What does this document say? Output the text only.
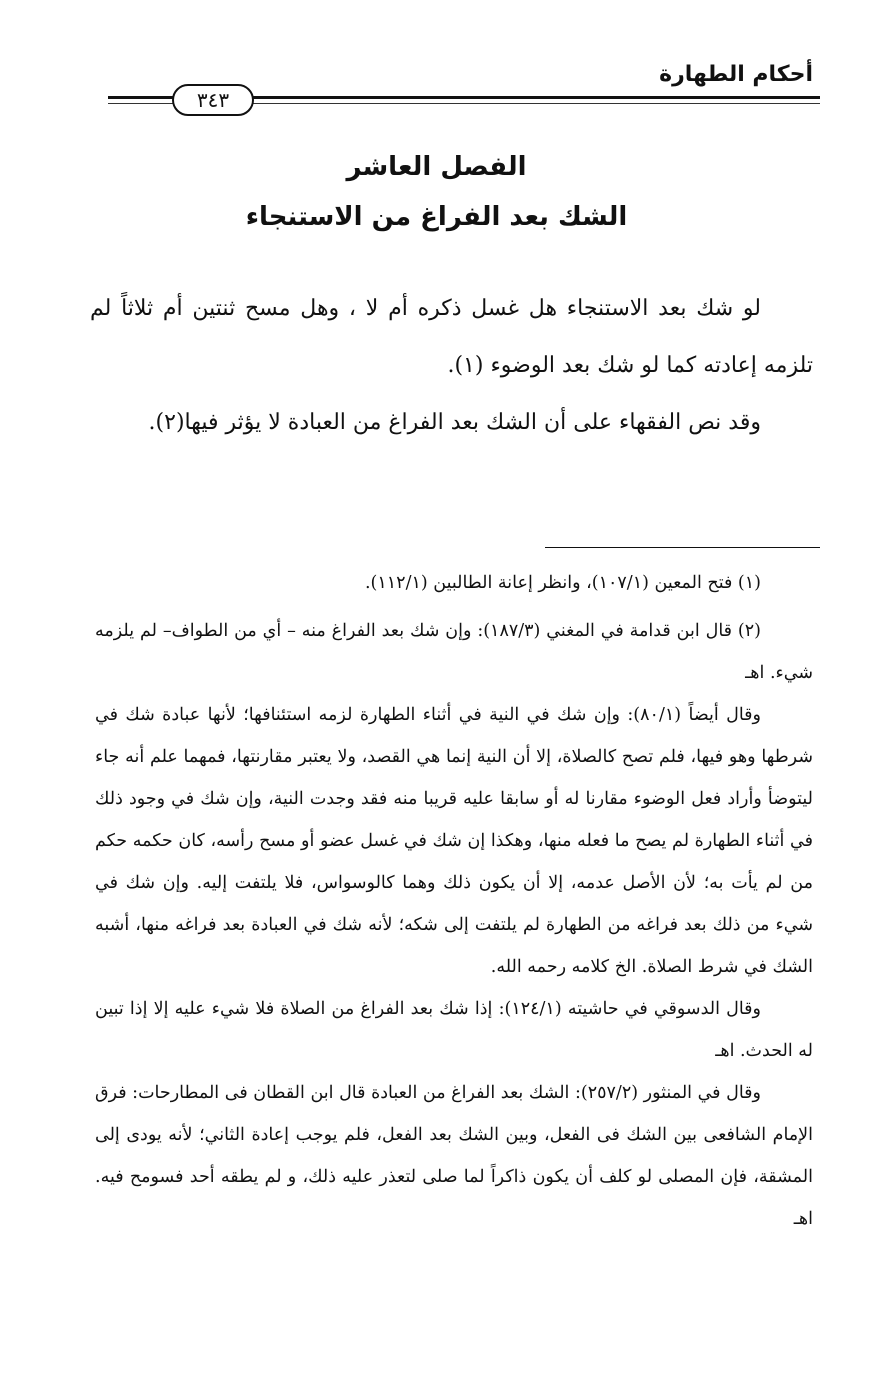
أحكام الطهارة
٣٤٣
الفصل العاشر
الشك بعد الفراغ من الاستنجاء

لو شك بعد الاستنجاء هل غسل ذكره أم لا ، وهل مسح ثنتين أم ثلاثاً لم تلزمه إعادته كما لو شك بعد الوضوء (١).

وقد نص الفقهاء على أن الشك بعد الفراغ من العبادة لا يؤثر فيها(٢).

(١) فتح المعين (١٠٧/١)، وانظر إعانة الطالبين (١١٢/١).

(٢) قال ابن قدامة في المغني (١٨٧/٣): وإن شك بعد الفراغ منه – أي من الطواف– لم يلزمه شيء. اهـ

وقال أيضاً (٨٠/١): وإن شك في النية في أثناء الطهارة لزمه استئنافها؛ لأنها عبادة شك في شرطها وهو فيها، فلم تصح كالصلاة، إلا أن النية إنما هي القصد، ولا يعتبر مقارنتها، فمهما علم أنه جاء ليتوضأ وأراد فعل الوضوء مقارنا له أو سابقا عليه قريبا منه فقد وجدت النية، وإن شك في وجود ذلك في أثناء الطهارة لم يصح ما فعله منها، وهكذا إن شك في غسل عضو أو مسح رأسه، كان حكمه حكم من لم يأت به؛ لأن الأصل عدمه، إلا أن يكون ذلك وهما كالوسواس، فلا يلتفت إليه. وإن شك في شيء من ذلك بعد فراغه من الطهارة لم يلتفت إلى شكه؛ لأنه شك في العبادة بعد فراغه منها، أشبه الشك في شرط الصلاة. الخ كلامه رحمه الله.

وقال الدسوقي في حاشيته (١٢٤/١): إذا شك بعد الفراغ من الصلاة فلا شيء عليه إلا إذا تبين له الحدث. اهـ

وقال في المنثور (٢٥٧/٢): الشك بعد الفراغ من العبادة قال ابن القطان فى المطارحات: فرق الإمام الشافعى بين الشك فى الفعل، وبين الشك بعد الفعل، فلم يوجب إعادة الثاني؛ لأنه يودى إلى المشقة، فإن المصلى لو كلف أن يكون ذاكراً لما صلى لتعذر عليه ذلك، و لم يطقه أحد فسومح فيه. اهـ
